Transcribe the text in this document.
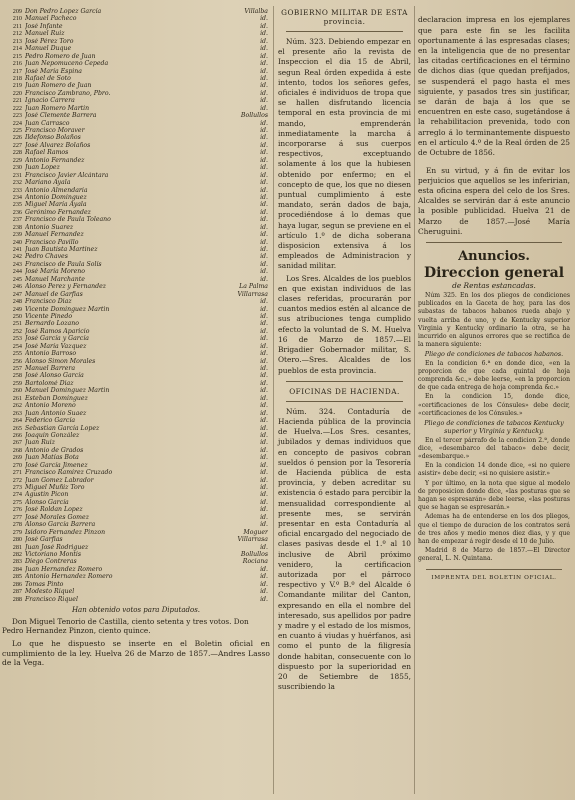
209 Don Pedro Lopez García	Villalba
210 Manuel Pacheco	id.
211 José Infante	id.
212 Manuel Ruiz	id.
213 José Pérez Toro	id.
214 Manuel Duque	id.
215 Pedro Romero de Juan	id.
216 Juan Nepomuceno Cepeda	id.
217 José María Espina	id.
218 Rafael de Soto	id.
219 Juan Romero de Juan	id.
220 Francisco Zambrano, Pbro.	id.
221 Ignacio Carrera	id.
222 Juan Romero Martin	id.
223 José Clemente Barrera	Bollullos
224 Juan Carrasco	id.
225 Francisco Moraver	id.
226 Ildefonso Bolaños	id.
227 José Alvarez Bolaños	id.
228 Rafael Ramos	id.
229 Antonio Fernandez	id.
230 Juan Lopez	id.
231 Francisco Javier Alcántara	id.
232 Mariano Ayala	id.
233 Antonio Almendaria	id.
234 Antonio Dominguez	id.
235 Miguel María Ayala	id.
236 Gerónimo Fernandez	id.
237 Francisco de Paula Toleano	id.
238 Antonio Suarez	id.
239 Manuel Fernandez	id.
240 Francisco Pavillo	id.
241 Juan Bautista Martinez	id.
242 Pedro Chaves	id.
243 Francisco de Paula Solís	id.
244 José María Moreno	id.
245 Manuel Marchante	id.
246 Alonso Perez y Fernandez	La Palma
247 Manuel de Garfias	Villarrasa
248 Francisco Diaz	id.
249 Vicente Dominguez Martin	id.
250 Vicente Pinedo	id.
251 Bernardo Lozano	id.
252 José Ramos Aparicio	id.
253 José García y García	id.
254 José María Vazquez	id.
255 Antonio Barroso	id.
256 Alonso Simon Morales	id.
257 Manuel Barrera	id.
258 José Alonso García	id.
259 Bartolomé Diaz	id.
260 Manuel Dominguez Martin	id.
261 Esteban Dominguez	id.
262 Antonio Moreno	id.
263 Juan Antonio Suaez	id.
264 Federico García	id.
265 Sebastian García Lopez	id.
266 Joaquin González	id.
267 Juan Ruiz	id.
268 Antonio de Grados	id.
269 Juan Matías Bota	id.
270 José García Jimenez	id.
271 Francisco Ramirez Cruzado	id.
272 Juan Gomez Labrador	id.
273 Miguel Muñiz Toro	id.
274 Agustin Picon	id.
275 Alonso García	id.
276 José Roldan Lopez	id.
277 José Morales Gomez	id.
278 Alonso García Barrera	id.
279 Isidoro Fernandez Pinzon	Moguer
280 José Garfias	Villarrasa
281 Juan José Rodriguez	id.
282 Victoriano Montis	Bollullos
283 Diego Contreras	Rociana
284 Juan Hernandez Romero	id.
285 Antonio Hernandez Romero	id.
286 Tomas Pinto	id.
287 Modesto Riquel	id.
288 Francisco Riquel	id.
Han obtenido votos para Diputados.
Don Miguel Tenorio de Castilla, ciento setenta y tres votos. Don Pedro Hernandez Pinzon, ciento quince.
Lo que he dispuesto se inserte en el Boletin oficial en cumplimiento de la ley. Huelva 26 de Marzo de 1857.—Andres Lasso de la Vega.
GOBIERNO MILITAR DE ESTA provincia.

Núm. 323. Debiendo empezar en el presente año la revista de Inspeccion el dia 15 de Abril, segun Real órden expedida á este intento, todos los señores gefes, oficiales é individuos de tropa que se hallen disfrutando licencia temporal en esta provincia de mi mando, emprenderán inmediatamente la marcha á incorporarse á sus cuerpos respectivos, exceptuando solamente á los que la hubiesen obtenido por enfermo; en el concepto de que, los que no diesen puntual cumplimiento á este mandato, serán dados de baja, procediéndose á lo demas que haya lugar, segun se previene en el artículo 1.º de dicha soberana disposicion extensiva á los empleados de Administracion y sanidad militar.

Los Sres. Alcaldes de los pueblos en que existan individuos de las clases referidas, procurarán por cuantos medios estén al alcance de sus atribuciones tenga cumplido efecto la voluntad de S. M. Huelva 16 de Marzo de 1857.—El Brigadier Gobernador militar, S. Otero.—Sres. Alcaldes de los pueblos de esta provincia.

OFICINAS DE HACIENDA.

Núm. 324. Contaduría de Hacienda pública de la provincia de Huelva.—Los Sres. cesantes, jubilados y demas individuos que en concepto de pasivos cobran sueldos ó pension por la Tesorería de Hacienda pública de esta provincia, y deben acreditar su existencia ó estado para percibir la mensualidad correspondiente al presente mes, se servirán presentar en esta Contaduría al oficial encargado del negociado de clases pasivas desde el 1.º al 10 inclusive de Abril próximo venidero, la certificacion autorizada por el párroco respectivo y V.º B.º del Alcalde ó Comandante militar del Canton, expresando en ella el nombre del interesado, sus apellidos por padre y madre y el estado de los mismos, en cuanto á viudas y huérfanos, asi como el punto de la filigresía donde habitan, consecuente con lo dispuesto por la superioridad en 20 de Setiembre de 1855, suscribiendo la

declaracion impresa en los ejemplares que para este fin se les facilita oportunamente á las espresadas clases; en la inteligencia que de no presentar las citadas certificaciones en el término de dichos dias (que quedan prefijados, se suspenderá el pago hasta el mes siguiente, y pasados tres sin justificar, se darán de baja á los que se encuentren en este caso, sugetándose á la rehabilitacion prevenida, todo con arreglo á lo terminantemente dispuesto en el artículo 4.º de la Real órden de 25 de Octubre de 1856.

En su virtud, y á fin de evitar los perjuicios que aquellos se les inferirian, esta oficina espera del celo de los Sres. Alcaldes se servirán dar á este anuncio la posible publicidad. Huelva 21 de Marzo de 1857.—José María Cheruguini.

Anuncios.
Direccion general
de Rentas estancadas.

Núm 325. En los dos pliegos de condiciones publicados en la Gaceta de hoy, para las dos subastas de tabacos habanos rueda abajo y vuelta arriba de uno, y de Kentucky superior Virginia y Kentucky ordinario la otra, se ha incurrido en algunos errores que se rectifica de la manera siguiente:

Pliego de condiciones de tabacos habanos.

En la condicion 6.ª en donde dice, «en la proporcion de que cada quintal de hoja comprenda &c.,» debe leerse, «en la proporcion de que cada entrega de hoja comprenda &c.»

En la condicion 15, donde dice, «certificaciones de los Cónsules» debe decir, «certificaciones de los Cónsules.»

Pliego de condiciones de tabacos Kentucky superior y Virginia y Kentucky.

En el tercer párrafo de la condicion 2.ª, donde dice, «desembarco del tabaco» debe decir, «desembarque.»

En la condicion 14 donde dice, «si no quiere asistir» debe decir, «si no quisiere asistir.»

Y por último, en la nota que sigue al modelo de proposicion donde dice, «las posturas que se hagan se espresarán» debe leerse, «las posturas que se hagan se espresarán.»

Ademas ha de entenderse en los dos pliegos, que el tiempo de duracion de los contratos será de tres años y medio menos diez dias, y y que han de empezar á regir desde el 10 de Julio.

Madrid 8 de Marzo de 1857.—El Director general, L. N. Quintana.

IMPRENTA DEL BOLETIN OFICIAL.
